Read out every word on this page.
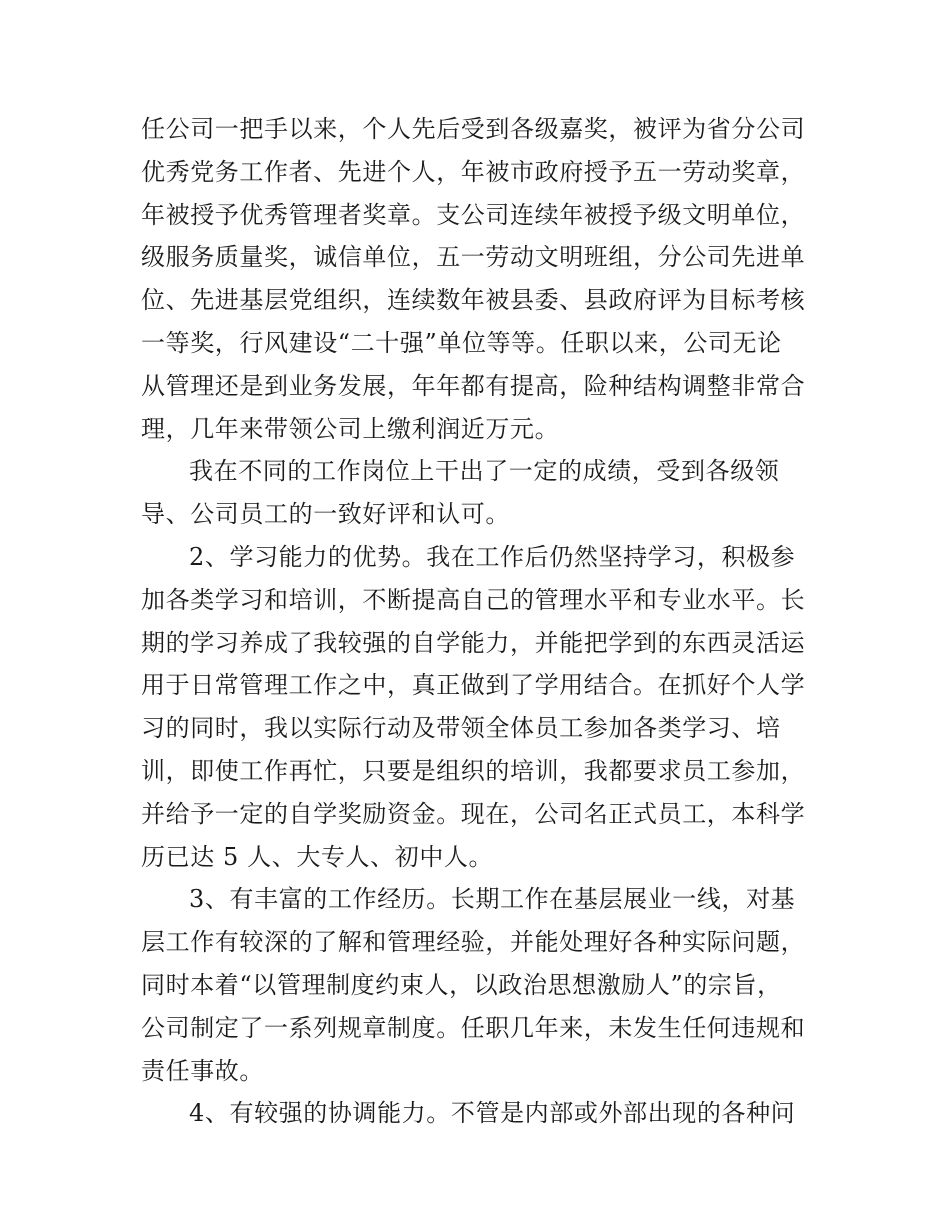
任公司一把手以来，个人先后受到各级嘉奖，被评为省分公司
优秀党务工作者、先进个人，年被市政府授予五一劳动奖章，
年被授予优秀管理者奖章。支公司连续年被授予级文明单位，
级服务质量奖，诚信单位，五一劳动文明班组，分公司先进单
位、先进基层党组织，连续数年被县委、县政府评为目标考核
一等奖，行风建设“二十强”单位等等。任职以来，公司无论
从管理还是到业务发展，年年都有提高，险种结构调整非常合
理，几年来带领公司上缴利润近万元。
我在不同的工作岗位上干出了一定的成绩，受到各级领
导、公司员工的一致好评和认可。
2、学习能力的优势。我在工作后仍然坚持学习，积极参
加各类学习和培训，不断提高自己的管理水平和专业水平。长
期的学习养成了我较强的自学能力，并能把学到的东西灵活运
用于日常管理工作之中，真正做到了学用结合。在抓好个人学
习的同时，我以实际行动及带领全体员工参加各类学习、培
训，即使工作再忙，只要是组织的培训，我都要求员工参加，
并给予一定的自学奖励资金。现在，公司名正式员工，本科学
历已达 5 人、大专人、初中人。
3、有丰富的工作经历。长期工作在基层展业一线，对基
层工作有较深的了解和管理经验，并能处理好各种实际问题，
同时本着“以管理制度约束人，以政治思想激励人”的宗旨，
公司制定了一系列规章制度。任职几年来，未发生任何违规和
责任事故。
4、有较强的协调能力。不管是内部或外部出现的各种问
